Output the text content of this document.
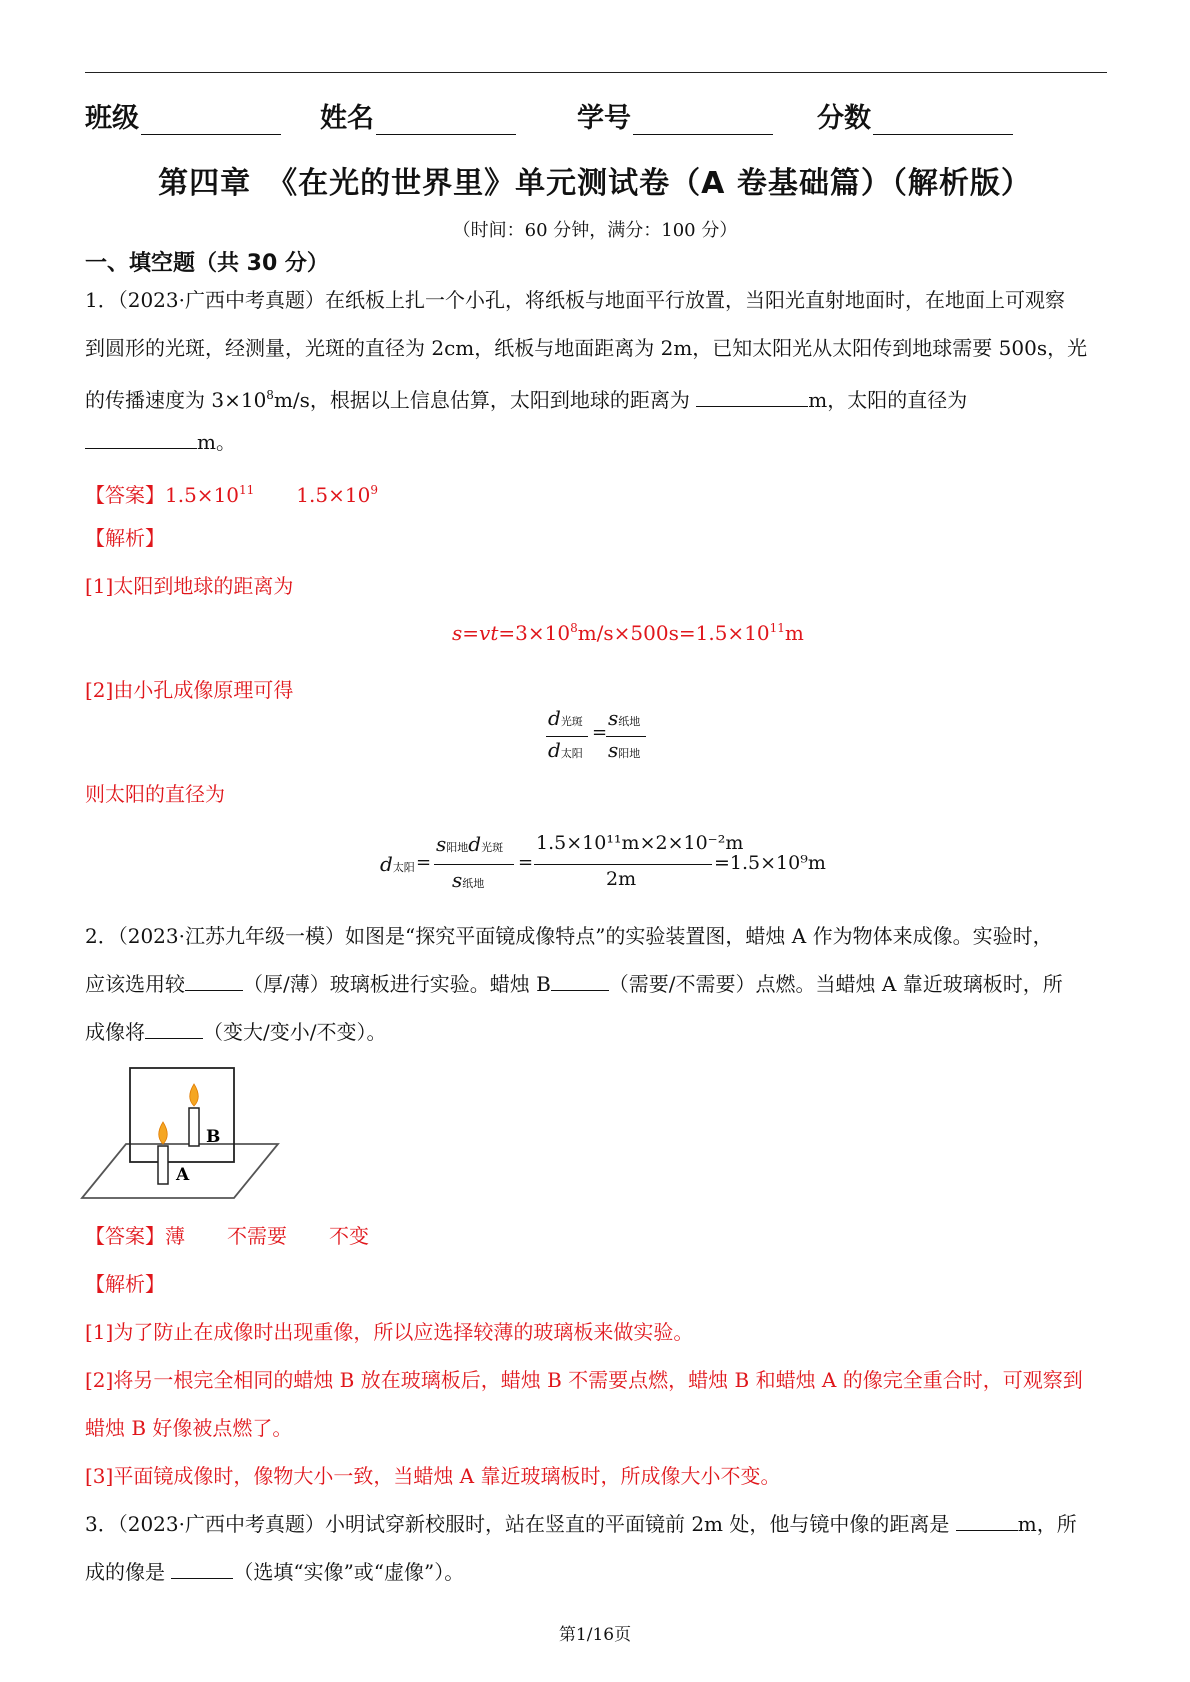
班级	姓名	学号	分数
第四章　《在光的世界里》单元测试卷（A 卷基础篇）（解析版）
（时间：60 分钟，满分：100 分）
一、填空题（共 30 分）
1．（2023·广西中考真题）在纸板上扎一个小孔，将纸板与地面平行放置，当阳光直射地面时，在地面上可观察
到圆形的光斑，经测量，光斑的直径为 2cm，纸板与地面距离为 2m，已知太阳光从太阳传到地球需要 500s，光
的传播速度为 $3\times 10^8m/s$，根据以上信息估算，太阳到地球的距离为	m，太阳的直径为
m。
【答案】$1.5\times 10^{11}$ $1.5\times 10^9$
【解析】
[1]太阳到地球的距离为
$s=vt=3\times 10^8m/s\times 500s=1.5\times 10^{11}m$
[2]由小孔成像原理可得
d光斑
d太阳
=
s纸地
s阳地
则太阳的直径为
d太阳 =
s阳地d光斑
s纸地
=
1.5×10¹¹m×2×10⁻²m
2m
=1.5×10⁹m
2．（2023·江苏九年级一模）如图是“探究平面镜成像特点”的实验装置图，蜡烛 A 作为物体来成像。实验时，
应该选用较	（厚/薄）玻璃板进行实验。蜡烛 B	（需要/不需要）点燃。当蜡烛 A 靠近玻璃板时，所
成像将	（变大/变小/不变）。
B
A
【答案】薄 不需要 不变
【解析】
[1]为了防止在成像时出现重像，所以应选择较薄的玻璃板来做实验。
[2]将另一根完全相同的蜡烛 B 放在玻璃板后，蜡烛 B 不需要点燃，蜡烛 B 和蜡烛 A 的像完全重合时，可观察到
蜡烛 B 好像被点燃了。
[3]平面镜成像时，像物大小一致，当蜡烛 A 靠近玻璃板时，所成像大小不变。
3．（2023·广西中考真题）小明试穿新校服时，站在竖直的平面镜前 2m 处，他与镜中像的距离是	m，所
成的像是	（选填“实像”或“虚像”）。
第1/16页
